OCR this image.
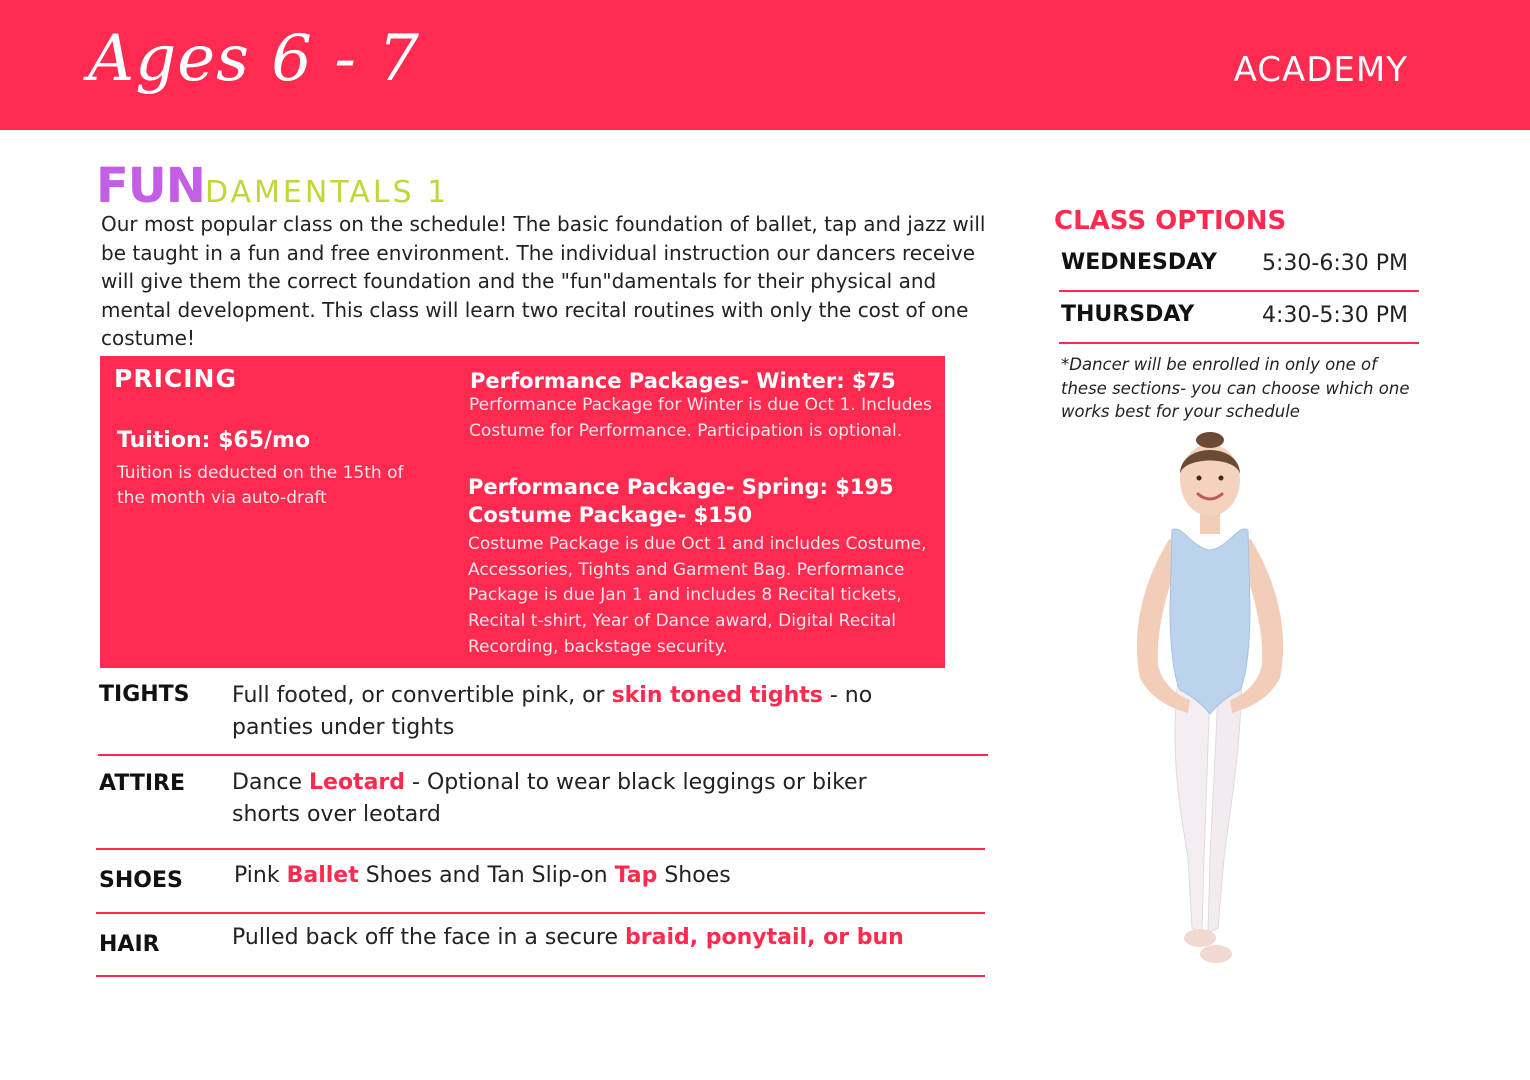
Ages 6 - 7	ACADEMY
FUNDAMENTALS 1
Our most popular class on the schedule! The basic foundation of ballet, tap and jazz will be taught in a fun and free environment. The individual instruction our dancers receive will give them the correct foundation and the "fun"damentals for their physical and mental development. This class will learn two recital routines with only the cost of one costume!
PRICING
Tuition: $65/mo
Tuition is deducted on the 15th of the month via auto-draft
Performance Packages- Winter: $75
Performance Package for Winter is due Oct 1. Includes Costume for Performance. Participation is optional.
Performance Package- Spring: $195
Costume Package- $150
Costume Package is due Oct 1 and includes Costume, Accessories, Tights and Garment Bag. Performance Package is due Jan 1 and includes 8 Recital tickets, Recital t-shirt, Year of Dance award, Digital Recital Recording, backstage security.
TIGHTS Full footed, or convertible pink, or skin toned tights - no panties under tights
ATTIRE Dance Leotard - Optional to wear black leggings or biker shorts over leotard
SHOES Pink Ballet Shoes and Tan Slip-on Tap Shoes
HAIR	Pulled back off the face in a secure braid, ponytail, or bun
CLASS OPTIONS
WEDNESDAY 5:30-6:30 PM
THURSDAY	4:30-5:30 PM
*Dancer will be enrolled in only one of these sections- you can choose which one works best for your schedule
